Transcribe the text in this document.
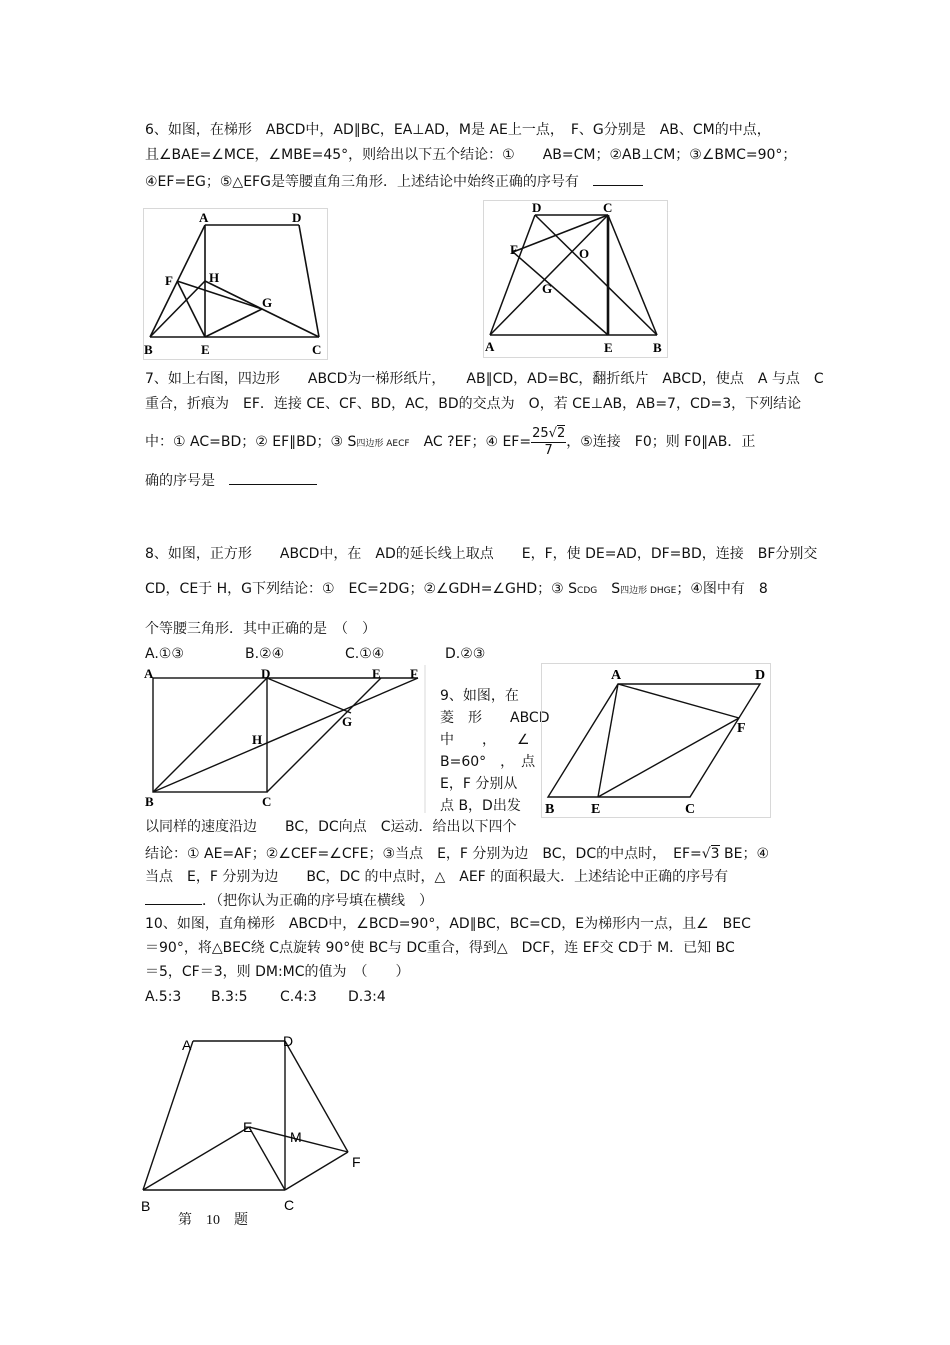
6、如图，在梯形　ABCD中，AD∥BC，EA⊥AD，M是 AE上一点，　F、G分别是　AB、CM的中点，
且∠BAE=∠MCE，∠MBE=45°，则给出以下五个结论：①　　AB=CM；②AB⊥CM；③∠BMC=90°；
④EF=EG；⑤△EFG是等腰直角三角形．上述结论中始终正确的序号有　
A	D
F	H
G
B	E	C
D	C
F	O
G
A	E	B
7、如上右图，四边形　　ABCD为一梯形纸片，　　AB∥CD，AD=BC，翻折纸片　ABCD，使点　A 与点　C
重合，折痕为　EF．连接 CE、CF、BD，AC，BD的交点为　O，若 CE⊥AB，AB=7，CD=3，下列结论
中：① AC=BD；② EF∥BD；③ S四边形 AECF　 AC ?EF；④ $EF= \frac{25√2}{7}$ ，⑤连接　F0；则 F0∥AB．正
确的序号是　
8、如图，正方形　　ABCD中，在　AD的延长线上取点　　E，F，使 DE=AD，DF=BD，连接　BF分别交
CD，CE于 H，G下列结论：①　EC=2DG；②∠GDH=∠GHD；③ SCDG　S四边形 DHGE；④图中有　8
个等腰三角形．其中正确的是　（　）
A.①③	B.②④	C.①④	D.②③
A	D	E F
G
H
B	C
9、如图，在
菱　形　　ABCD
中　　，　　∠
B=60°　，　点
E，F 分别从
点 B，D出发
A	D
F
B	E	C
以同样的速度沿边　　BC，DC向点　C运动．给出以下四个
结论：① AE=AF；②∠CEF=∠CFE；③当点　E，F 分别为边　BC，DC的中点时，　EF=√3 BE；④
当点　E，F 分别为边　　BC，DC 的中点时，△　AEF 的面积最大．上述结论中正确的序号有
．（把你认为正确的序号填在横线　）
10、如图，直角梯形　ABCD中，∠BCD=90°，AD∥BC，BC=CD，E为梯形内一点，且∠　BEC
＝90°，将△BEC绕 C点旋转 90°使 BC与 DC重合，得到△　DCF，连 EF交 CD于 M．已知 BC
＝5，CF＝3，则 DM:MC的值为　（　　）
A.5:3 B.3:5 C.4:3 D.3:4
A	D
E
M
F
B	C
第　10　题
